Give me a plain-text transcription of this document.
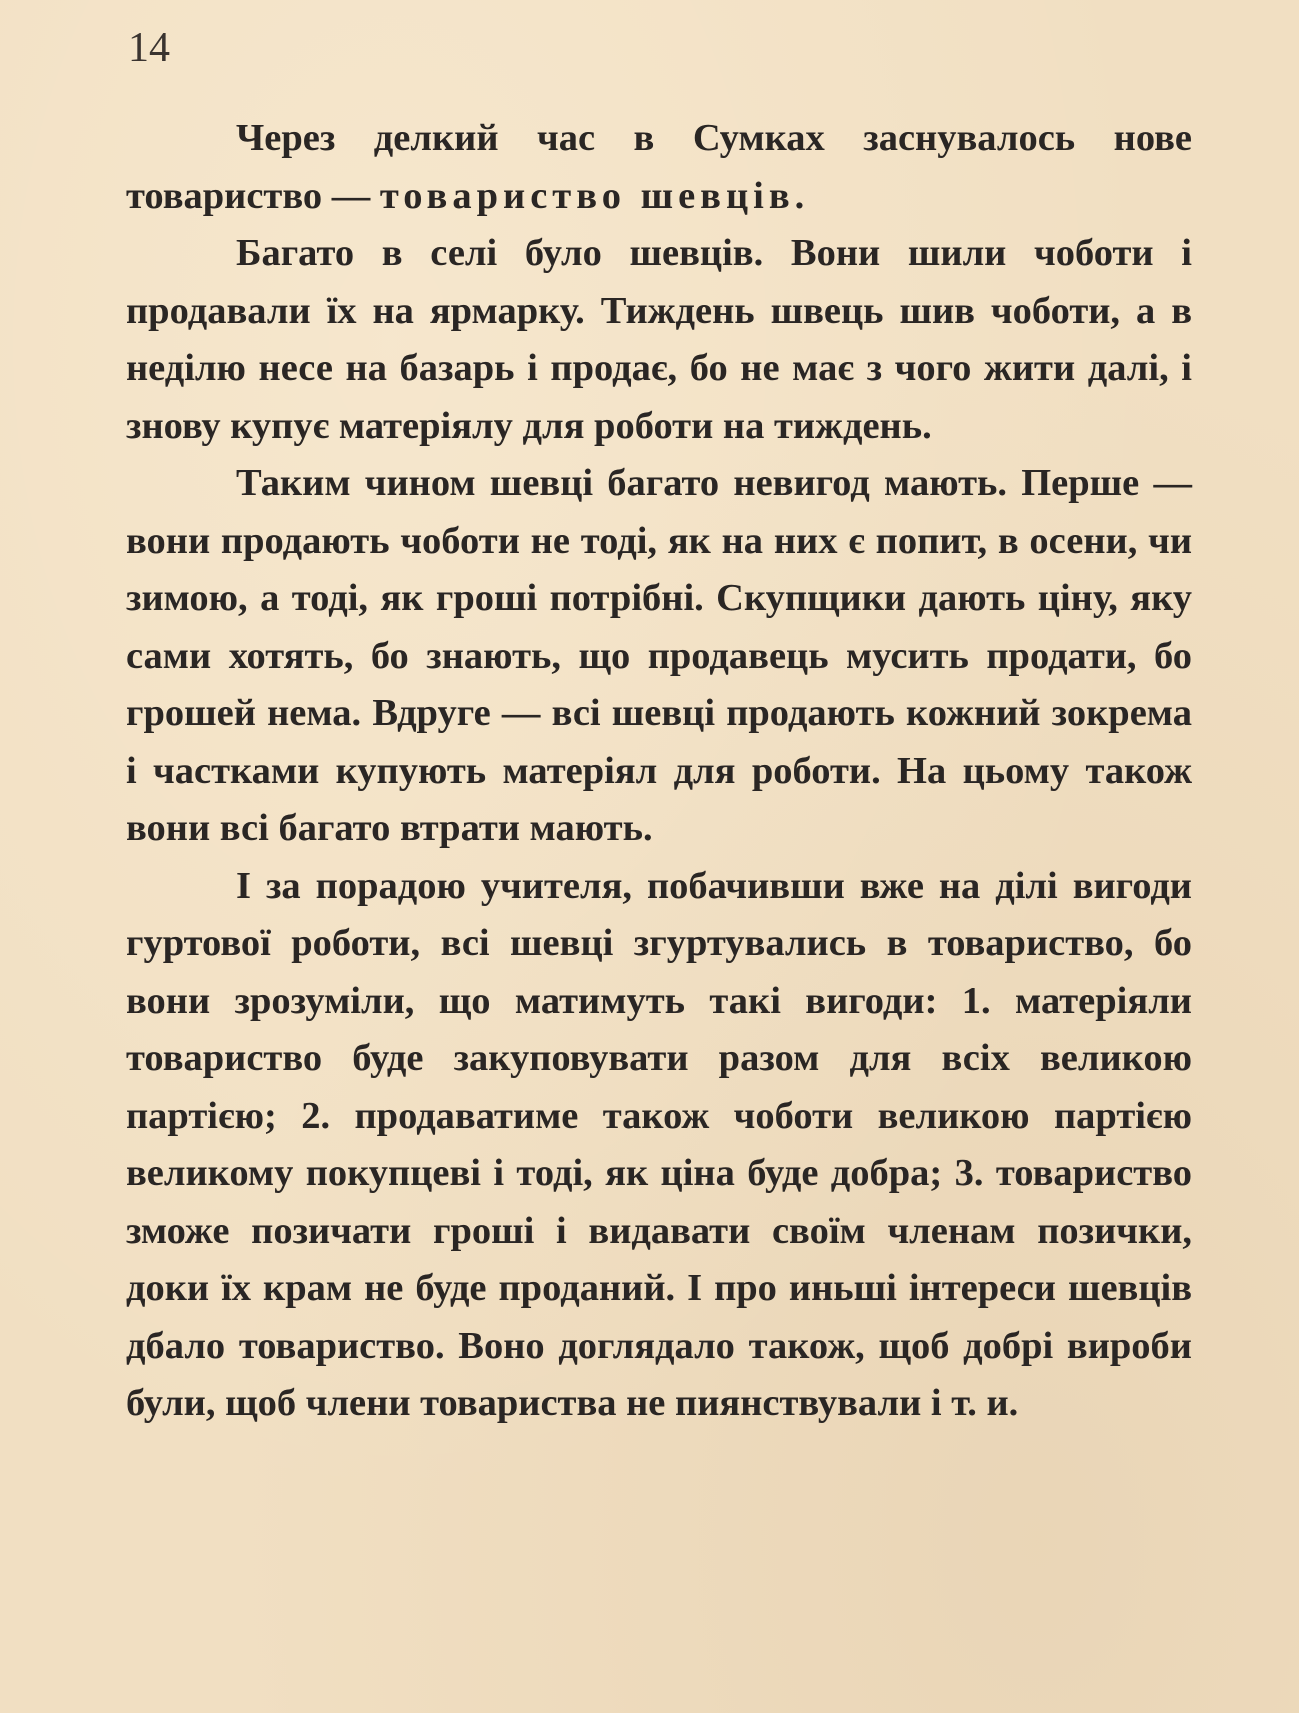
14

Через делкий час в Сумках заснувалось нове товариство — товариство шевців.

Багато в селі було шевців. Вони шили чоботи і продавали їх на ярмарку. Тиждень швець шив чоботи, а в неділю несе на базарь і продає, бо не має з чого жити далі, і знову купує матеріялу для роботи на тиждень.

Таким чином шевці багато невигод мають. Перше — вони продають чоботи не тоді, як на них є попит, в осени, чи зимою, а тоді, як гроші потрібні. Скупщики дають ціну, яку сами хотять, бо знають, що продавець мусить продати, бо грошей нема. Вдруге — всі шевці продають кожний зокрема і частками купують матеріял для роботи. На цьому також вони всі багато втрати мають.

І за порадою учителя, побачивши вже на ділі вигоди гуртової роботи, всі шевці згуртувались в товариство, бо вони зрозуміли, що матимуть такі вигоди: 1. матеріяли товариство буде закуповувати разом для всіх великою партією; 2. продаватиме також чоботи великою партією великому покупцеві і тоді, як ціна буде добра; 3. товариство зможе позичати гроші і видавати своїм членам позички, доки їх крам не буде проданий. І про иньші інтереси шевців дбало товариство. Воно доглядало також, щоб добрі вироби були, щоб члени товариства не пиянствували і т. и.
